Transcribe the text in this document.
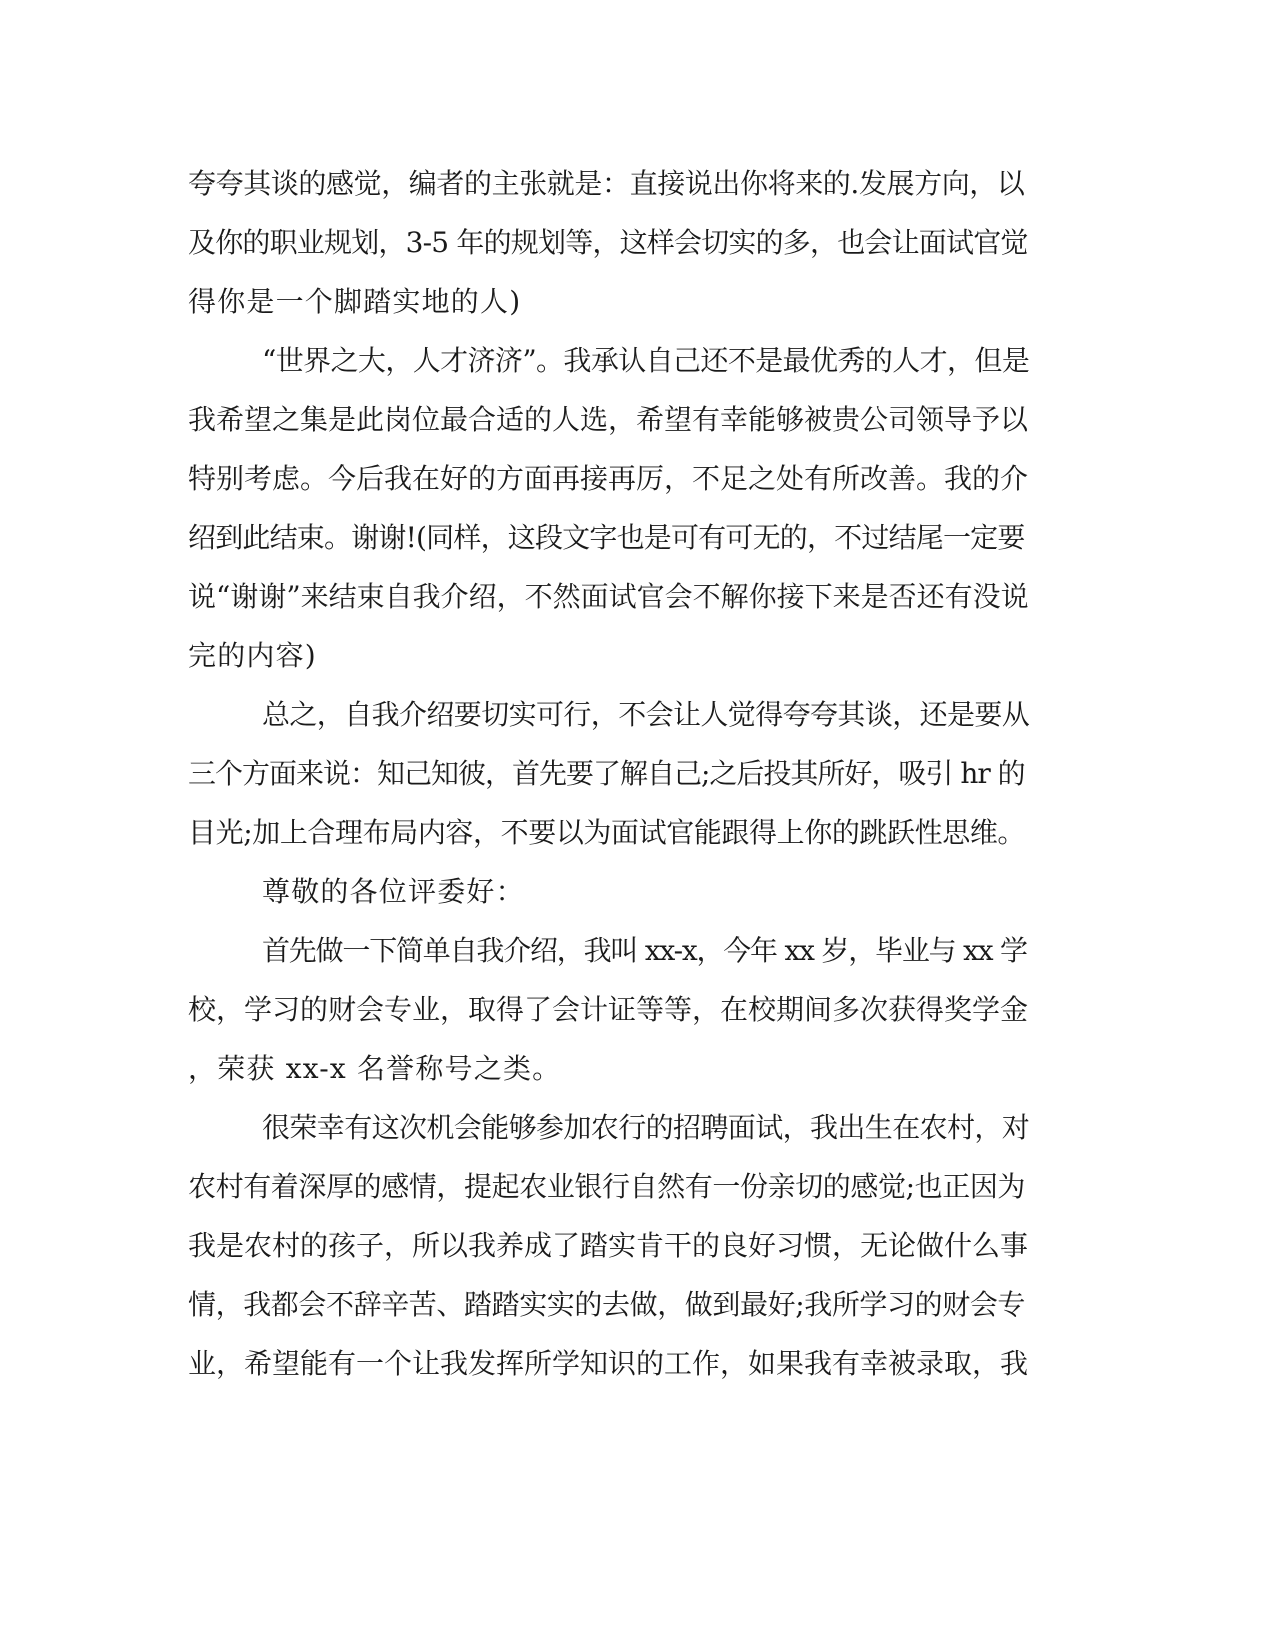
夸夸其谈的感觉，编者的主张就是：直接说出你将来的.发展方向，以
及你的职业规划，3-5 年的规划等，这样会切实的多，也会让面试官觉
得你是一个脚踏实地的人)
“世界之大，人才济济”。我承认自己还不是最优秀的人才，但是
我希望之集是此岗位最合适的人选，希望有幸能够被贵公司领导予以
特别考虑。今后我在好的方面再接再厉，不足之处有所改善。我的介
绍到此结束。谢谢!(同样，这段文字也是可有可无的，不过结尾一定要
说“谢谢”来结束自我介绍，不然面试官会不解你接下来是否还有没说
完的内容)
总之，自我介绍要切实可行，不会让人觉得夸夸其谈，还是要从
三个方面来说：知己知彼，首先要了解自己;之后投其所好，吸引 hr 的
目光;加上合理布局内容，不要以为面试官能跟得上你的跳跃性思维。
尊敬的各位评委好：
首先做一下简单自我介绍，我叫 xx-x，今年 xx 岁，毕业与 xx 学
校，学习的财会专业，取得了会计证等等，在校期间多次获得奖学金
，荣获 xx-x 名誉称号之类。
很荣幸有这次机会能够参加农行的招聘面试，我出生在农村，对
农村有着深厚的感情，提起农业银行自然有一份亲切的感觉;也正因为
我是农村的孩子，所以我养成了踏实肯干的良好习惯，无论做什么事
情，我都会不辞辛苦、踏踏实实的去做，做到最好;我所学习的财会专
业，希望能有一个让我发挥所学知识的工作，如果我有幸被录取，我
